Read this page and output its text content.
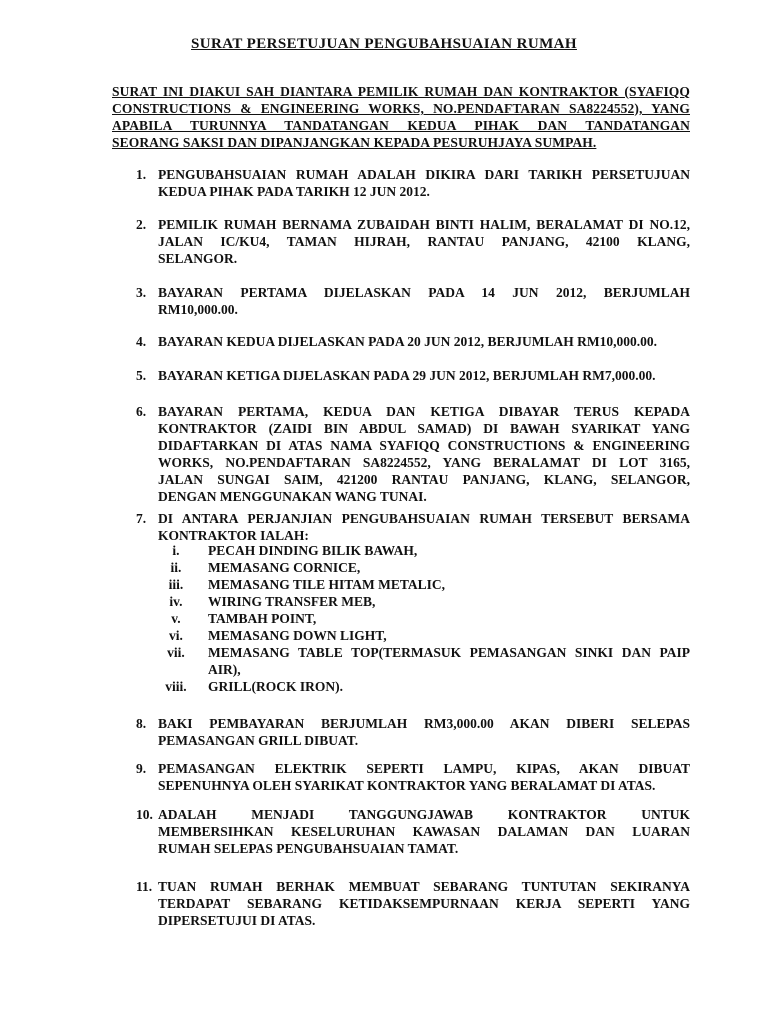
SURAT PERSETUJUAN PENGUBAHSUAIAN RUMAH
SURAT INI DIAKUI SAH DIANTARA PEMILIK RUMAH DAN KONTRAKTOR (SYAFIQQ
CONSTRUCTIONS & ENGINEERING WORKS, NO.PENDAFTARAN SA8224552), YANG
APABILA TURUNNYA TANDATANGAN KEDUA PIHAK DAN TANDATANGAN
SEORANG SAKSI DAN DIPANJANGKAN KEPADA PESURUHJAYA SUMPAH.
1. PENGUBAHSUAIAN RUMAH ADALAH DIKIRA DARI TARIKH PERSETUJUAN
KEDUA PIHAK PADA TARIKH 12 JUN 2012.
2. PEMILIK RUMAH BERNAMA ZUBAIDAH BINTI HALIM, BERALAMAT DI NO.12,
JALAN IC/KU4, TAMAN HIJRAH, RANTAU PANJANG, 42100 KLANG,
SELANGOR.
3. BAYARAN PERTAMA DIJELASKAN PADA 14 JUN 2012, BERJUMLAH
RM10,000.00.
4. BAYARAN KEDUA DIJELASKAN PADA 20 JUN 2012, BERJUMLAH RM10,000.00.
5. BAYARAN KETIGA DIJELASKAN PADA 29 JUN 2012, BERJUMLAH RM7,000.00.
6. BAYARAN PERTAMA, KEDUA DAN KETIGA DIBAYAR TERUS KEPADA
KONTRAKTOR (ZAIDI BIN ABDUL SAMAD) DI BAWAH SYARIKAT YANG
DIDAFTARKAN DI ATAS NAMA SYAFIQQ CONSTRUCTIONS & ENGINEERING
WORKS, NO.PENDAFTARAN SA8224552, YANG BERALAMAT DI LOT 3165,
JALAN SUNGAI SAIM, 421200 RANTAU PANJANG, KLANG, SELANGOR,
DENGAN MENGGUNAKAN WANG TUNAI.
7. DI ANTARA PERJANJIAN PENGUBAHSUAIAN RUMAH TERSEBUT BERSAMA
KONTRAKTOR IALAH:
i.	PECAH DINDING BILIK BAWAH,
ii.	MEMASANG CORNICE,
iii.	MEMASANG TILE HITAM METALIC,
iv.	WIRING TRANSFER MEB,
v.	TAMBAH POINT,
vi.	MEMASANG DOWN LIGHT,
vii.	MEMASANG TABLE TOP(TERMASUK PEMASANGAN SINKI DAN PAIP
AIR),
viii.	GRILL(ROCK IRON).
8. BAKI PEMBAYARAN BERJUMLAH RM3,000.00 AKAN DIBERI SELEPAS
PEMASANGAN GRILL DIBUAT.
9. PEMASANGAN ELEKTRIK SEPERTI LAMPU, KIPAS, AKAN DIBUAT
SEPENUHNYA OLEH SYARIKAT KONTRAKTOR YANG BERALAMAT DI ATAS.
10. ADALAH MENJADI TANGGUNGJAWAB KONTRAKTOR UNTUK
MEMBERSIHKAN KESELURUHAN KAWASAN DALAMAN DAN LUARAN
RUMAH SELEPAS PENGUBAHSUAIAN TAMAT.
11. TUAN RUMAH BERHAK MEMBUAT SEBARANG TUNTUTAN SEKIRANYA
TERDAPAT SEBARANG KETIDAKSEMPURNAAN KERJA SEPERTI YANG
DIPERSETUJUI DI ATAS.
